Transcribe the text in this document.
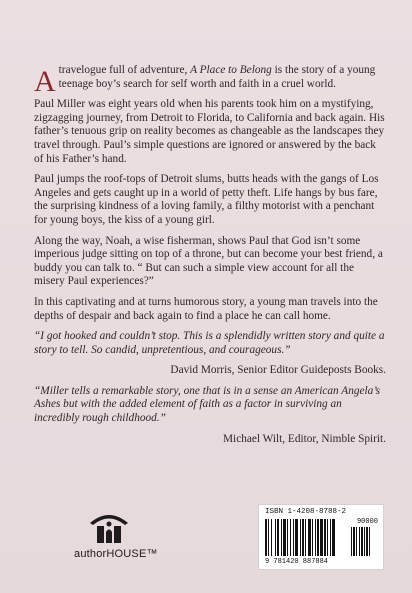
A travelogue full of adventure, A Place to Belong is the story of a young teenage boy’s search for self worth and faith in a cruel world.

Paul Miller was eight years old when his parents took him on a mystifying, zigzagging journey, from Detroit to Florida, to California and back again. His father’s tenuous grip on reality becomes as changeable as the landscapes they travel through. Paul’s simple questions are ignored or answered by the back of his Father’s hand.

Paul jumps the roof-tops of Detroit slums, butts heads with the gangs of Los Angeles and gets caught up in a world of petty theft. Life hangs by bus fare, the surprising kindness of a loving family, a filthy motorist with a penchant for young boys, the kiss of a young girl.

Along the way, Noah, a wise fisherman, shows Paul that God isn’t some imperious judge sitting on top of a throne, but can become your best friend, a buddy you can talk to. “ But can such a simple view account for all the misery Paul experiences?”

In this captivating and at turns humorous story, a young man travels into the depths of despair and back again to find a place he can call home.

“I got hooked and couldn’t stop. This is a splendidly written story and quite a story to tell. So candid, unpretentious, and courageous.”

David Morris, Senior Editor Guideposts Books.

“Miller tells a remarkable story, one that is in a sense an American Angela’s Ashes but with the added element of faith as a factor in surviving an incredibly rough childhood.”

Michael Wilt, Editor, Nimble Spirit.

authorHOUSE™
ISBN 1-4208-8788-2
90000
9 781420 887884
